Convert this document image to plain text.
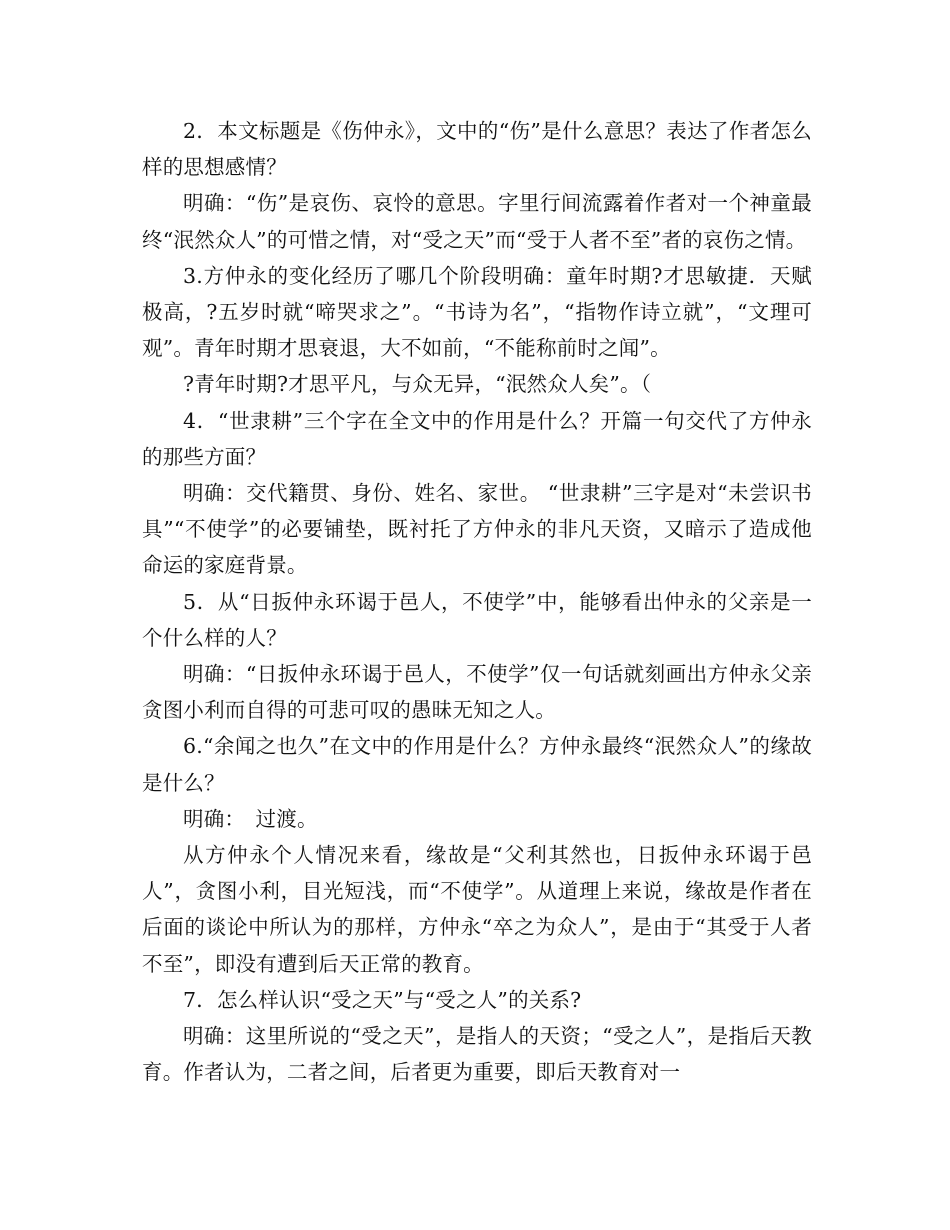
2．本文标题是《伤仲永》，文中的“伤”是什么意思？表达了作者怎么样的思想感情？

明确：“伤”是哀伤、哀怜的意思。字里行间流露着作者对一个神童最终“泯然众人”的可惜之情，对“受之天”而“受于人者不至”者的哀伤之情。

3.方仲永的变化经历了哪几个阶段明确：童年时期?才思敏捷．天赋极高，?五岁时就“啼哭求之”。“书诗为名”，“指物作诗立就”，“文理可观”。青年时期才思衰退，大不如前，“不能称前时之闻”。

?青年时期?才思平凡，与众无异，“泯然众人矣”。（

4．“世隶耕”三个字在全文中的作用是什么？开篇一句交代了方仲永的那些方面？

明确：交代籍贯、身份、姓名、家世。 “世隶耕”三字是对“未尝识书具”“不使学”的必要铺垫，既衬托了方仲永的非凡天资，又暗示了造成他命运的家庭背景。

5．从“日扳仲永环谒于邑人，不使学”中，能够看出仲永的父亲是一个什么样的人？

明确：“日扳仲永环谒于邑人，不使学”仅一句话就刻画出方仲永父亲贪图小利而自得的可悲可叹的愚昧无知之人。

6.“余闻之也久”在文中的作用是什么？方仲永最终“泯然众人”的缘故是什么？

明确：　过渡。

从方仲永个人情况来看，缘故是“父利其然也，日扳仲永环谒于邑人”，贪图小利，目光短浅，而“不使学”。从道理上来说，缘故是作者在后面的谈论中所认为的那样，方仲永“卒之为众人”，是由于“其受于人者不至”，即没有遭到后天正常的教育。

7．怎么样认识“受之天”与“受之人”的关系?

明确：这里所说的“受之天”，是指人的天资；“受之人”，是指后天教育。作者认为，二者之间，后者更为重要，即后天教育对一
